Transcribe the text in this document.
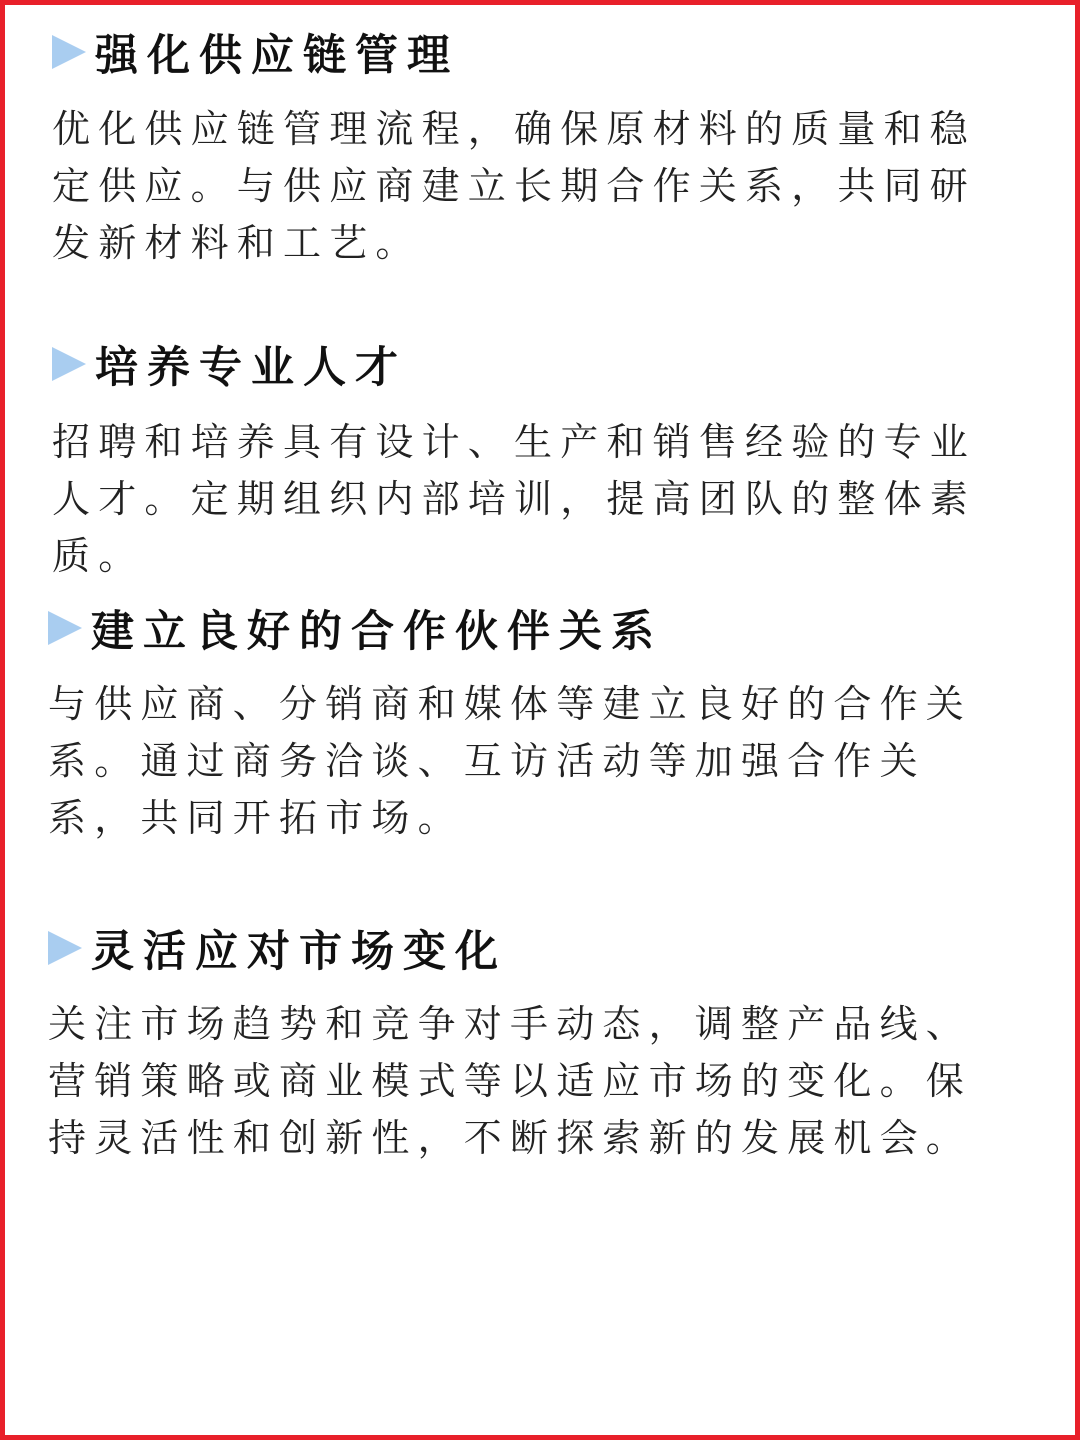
强化供应链管理

优化供应链管理流程，确保原材料的质量和稳定供应。与供应商建立长期合作关系，共同研发新材料和工艺。

培养专业人才

招聘和培养具有设计、生产和销售经验的专业人才。定期组织内部培训，提高团队的整体素质。

建立良好的合作伙伴关系

与供应商、分销商和媒体等建立良好的合作关系。通过商务洽谈、互访活动等加强合作关系，共同开拓市场。

灵活应对市场变化

关注市场趋势和竞争对手动态，调整产品线、营销策略或商业模式等以适应市场的变化。保持灵活性和创新性，不断探索新的发展机会。
